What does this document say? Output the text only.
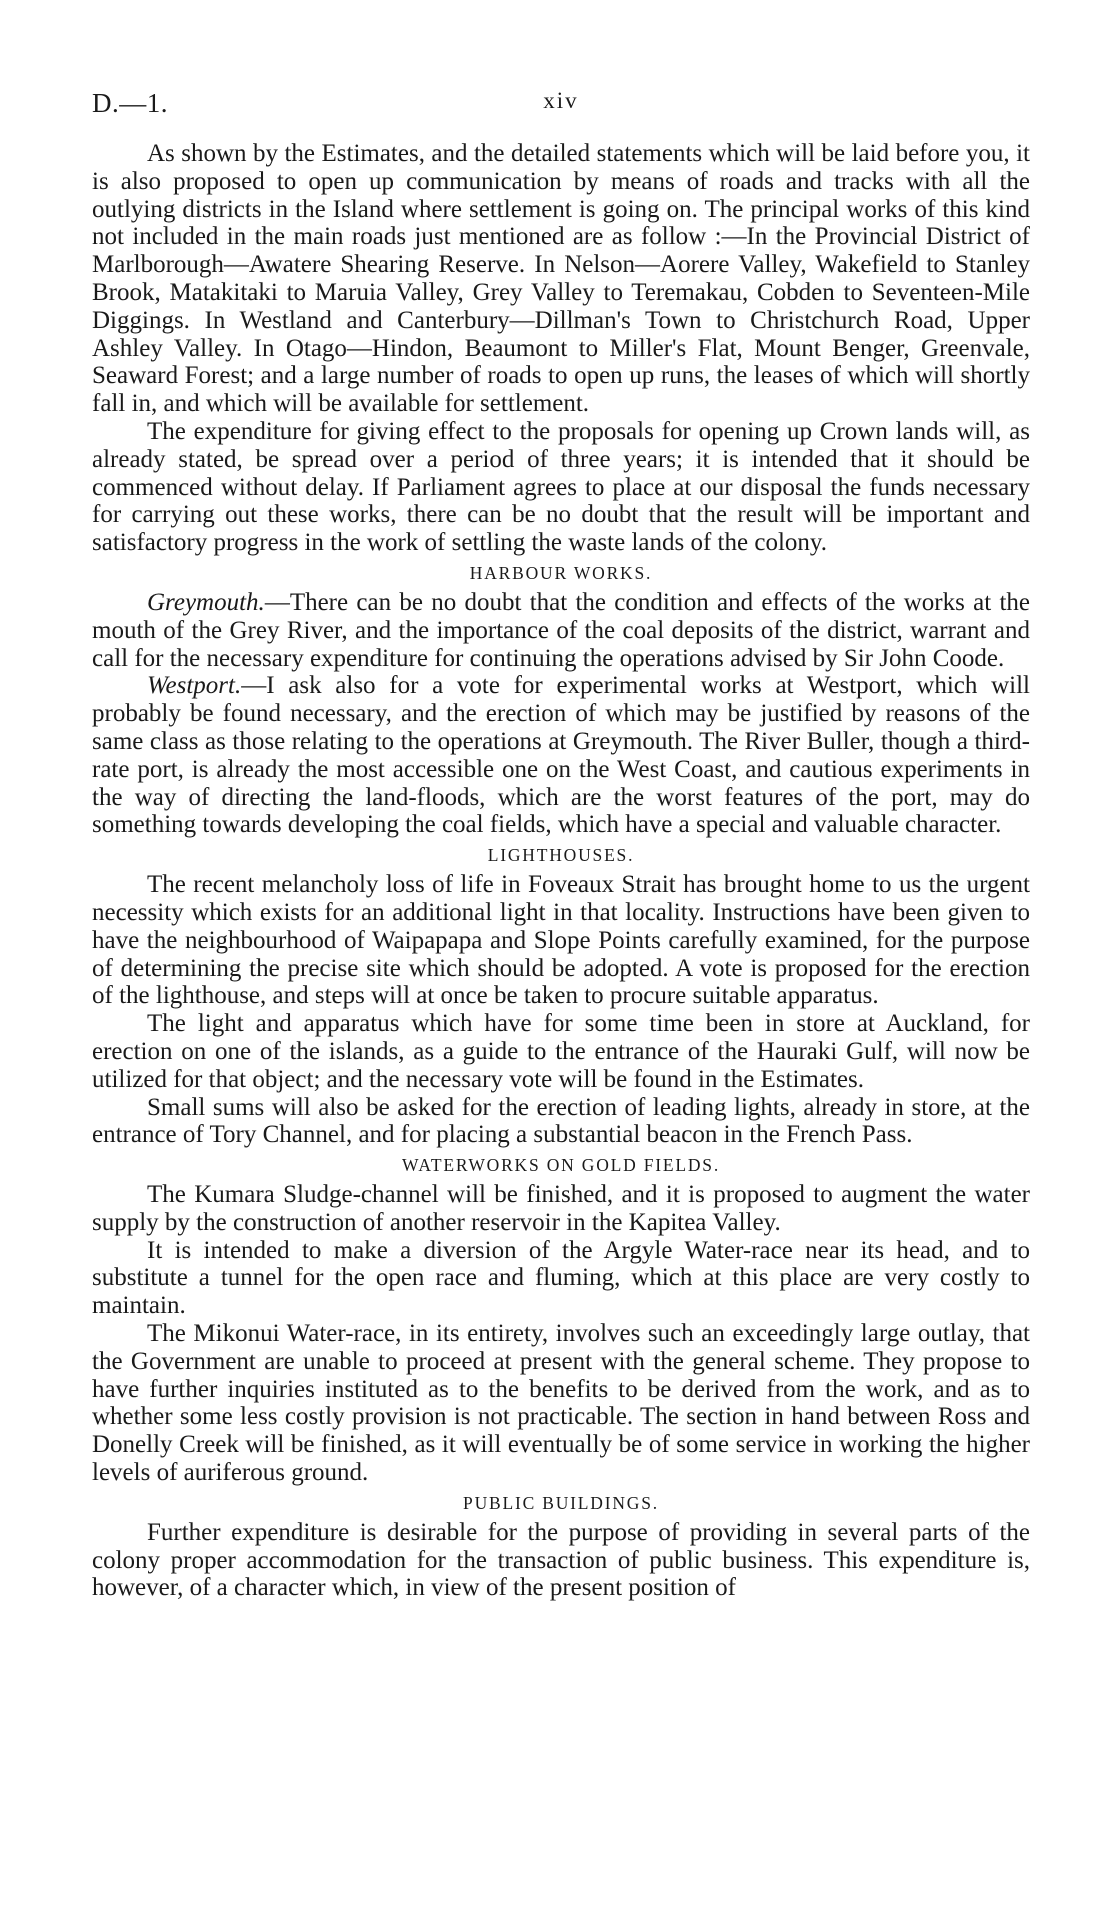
D.—1.	xiv

As shown by the Estimates, and the detailed statements which will be laid before you, it is also proposed to open up communication by means of roads and tracks with all the outlying districts in the Island where settlement is going on. The principal works of this kind not included in the main roads just mentioned are as follow :—In the Provincial District of Marlborough—Awatere Shearing Reserve. In Nelson—Aorere Valley, Wakefield to Stanley Brook, Matakitaki to Maruia Valley, Grey Valley to Teremakau, Cobden to Seventeen-Mile Diggings. In Westland and Canterbury—Dillman's Town to Christchurch Road, Upper Ashley Valley. In Otago—Hindon, Beaumont to Miller's Flat, Mount Benger, Greenvale, Seaward Forest; and a large number of roads to open up runs, the leases of which will shortly fall in, and which will be available for settlement.

The expenditure for giving effect to the proposals for opening up Crown lands will, as already stated, be spread over a period of three years; it is intended that it should be commenced without delay. If Parliament agrees to place at our disposal the funds necessary for carrying out these works, there can be no doubt that the result will be important and satisfactory progress in the work of settling the waste lands of the colony.

HARBOUR WORKS.

Greymouth.—There can be no doubt that the condition and effects of the works at the mouth of the Grey River, and the importance of the coal deposits of the district, warrant and call for the necessary expenditure for continuing the operations advised by Sir John Coode.

Westport.—I ask also for a vote for experimental works at Westport, which will probably be found necessary, and the erection of which may be justified by reasons of the same class as those relating to the operations at Greymouth. The River Buller, though a third-rate port, is already the most accessible one on the West Coast, and cautious experiments in the way of directing the land-floods, which are the worst features of the port, may do something towards developing the coal fields, which have a special and valuable character.

LIGHTHOUSES.

The recent melancholy loss of life in Foveaux Strait has brought home to us the urgent necessity which exists for an additional light in that locality. Instructions have been given to have the neighbourhood of Waipapapa and Slope Points carefully examined, for the purpose of determining the precise site which should be adopted. A vote is proposed for the erection of the lighthouse, and steps will at once be taken to procure suitable apparatus.

The light and apparatus which have for some time been in store at Auckland, for erection on one of the islands, as a guide to the entrance of the Hauraki Gulf, will now be utilized for that object; and the necessary vote will be found in the Estimates.

Small sums will also be asked for the erection of leading lights, already in store, at the entrance of Tory Channel, and for placing a substantial beacon in the French Pass.

WATERWORKS ON GOLD FIELDS.

The Kumara Sludge-channel will be finished, and it is proposed to augment the water supply by the construction of another reservoir in the Kapitea Valley.

It is intended to make a diversion of the Argyle Water-race near its head, and to substitute a tunnel for the open race and fluming, which at this place are very costly to maintain.

The Mikonui Water-race, in its entirety, involves such an exceedingly large outlay, that the Government are unable to proceed at present with the general scheme. They propose to have further inquiries instituted as to the benefits to be derived from the work, and as to whether some less costly provision is not practicable. The section in hand between Ross and Donelly Creek will be finished, as it will eventually be of some service in working the higher levels of auriferous ground.

PUBLIC BUILDINGS.

Further expenditure is desirable for the purpose of providing in several parts of the colony proper accommodation for the transaction of public business. This expenditure is, however, of a character which, in view of the present position of
